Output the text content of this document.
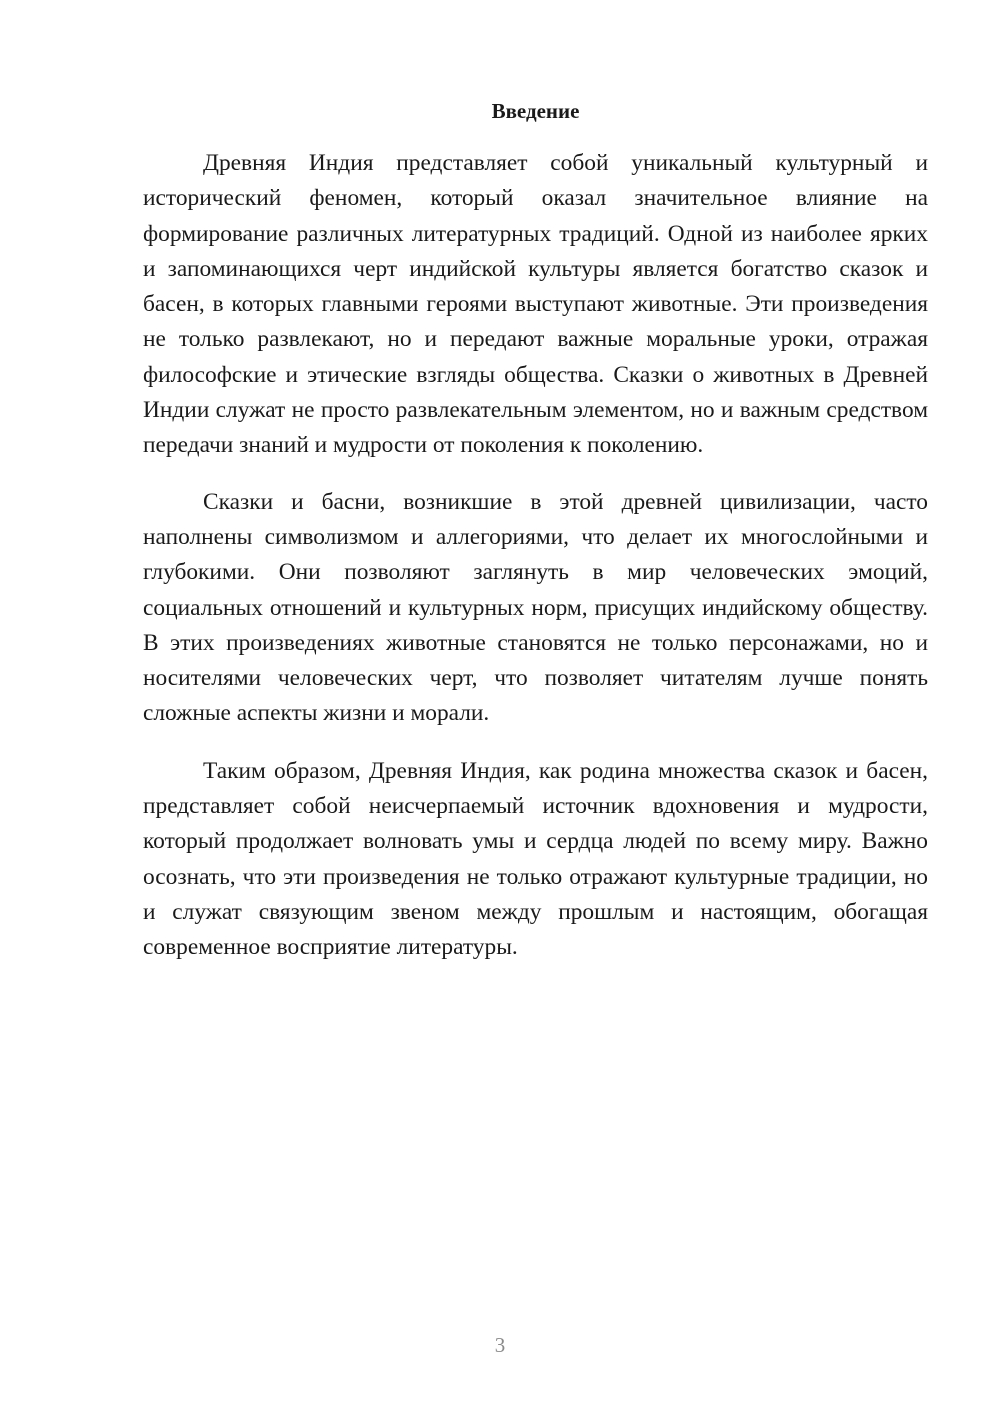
Введение

Древняя Индия представляет собой уникальный культурный и исторический феномен, который оказал значительное влияние на формирование различных литературных традиций. Одной из наиболее ярких и запоминающихся черт индийской культуры является богатство сказок и басен, в которых главными героями выступают животные. Эти произведения не только развлекают, но и передают важные моральные уроки, отражая философские и этические взгляды общества. Сказки о животных в Древней Индии служат не просто развлекательным элементом, но и важным средством передачи знаний и мудрости от поколения к поколению.

Сказки и басни, возникшие в этой древней цивилизации, часто наполнены символизмом и аллегориями, что делает их многослойными и глубокими. Они позволяют заглянуть в мир человеческих эмоций, социальных отношений и культурных норм, присущих индийскому обществу. В этих произведениях животные становятся не только персонажами, но и носителями человеческих черт, что позволяет читателям лучше понять сложные аспекты жизни и морали.

Таким образом, Древняя Индия, как родина множества сказок и басен, представляет собой неисчерпаемый источник вдохновения и мудрости, который продолжает волновать умы и сердца людей по всему миру. Важно осознать, что эти произведения не только отражают культурные традиции, но и служат связующим звеном между прошлым и настоящим, обогащая современное восприятие литературы.

3
